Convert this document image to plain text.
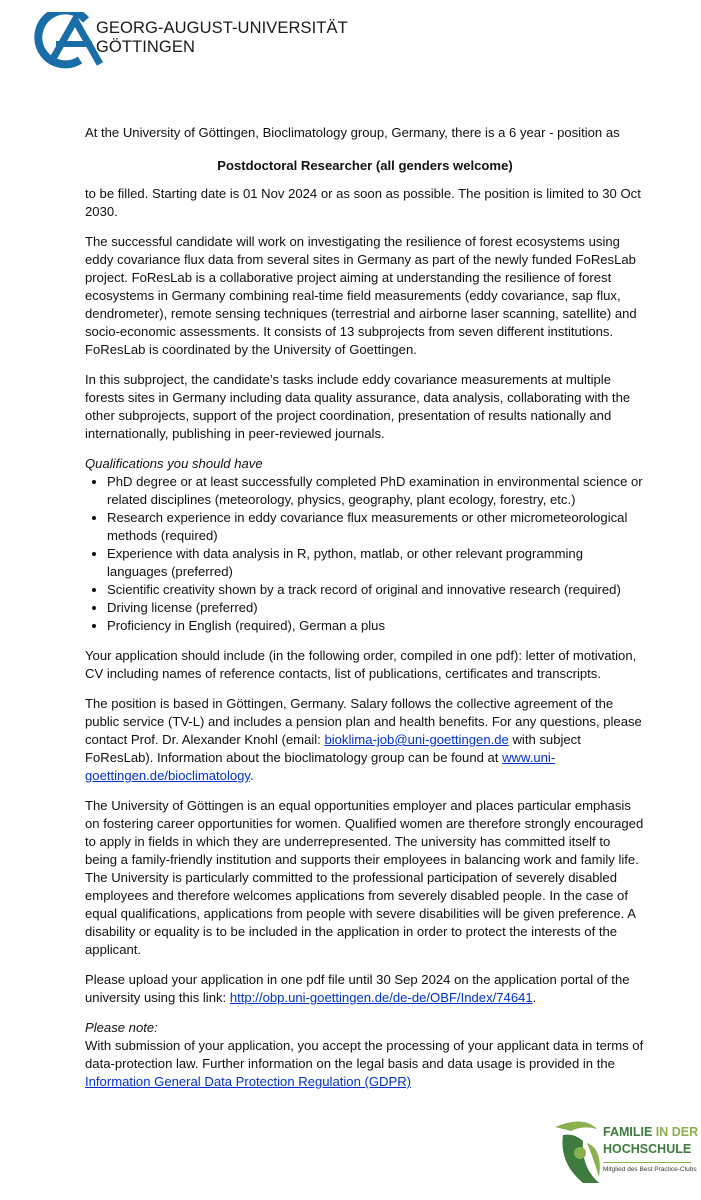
GEORG-AUGUST-UNIVERSITÄT
GÖTTINGEN

At the University of Göttingen, Bioclimatology group, Germany, there is a 6 year - position as

Postdoctoral Researcher (all genders welcome)

to be filled. Starting date is 01 Nov 2024 or as soon as possible. The position is limited to 30 Oct 2030.

The successful candidate will work on investigating the resilience of forest ecosystems using eddy covariance flux data from several sites in Germany as part of the newly funded FoResLab project. FoResLab is a collaborative project aiming at understanding the resilience of forest ecosystems in Germany combining real-time field measurements (eddy covariance, sap flux, dendrometer), remote sensing techniques (terrestrial and airborne laser scanning, satellite) and socio-economic assessments. It consists of 13 subprojects from seven different institutions. FoResLab is coordinated by the University of Goettingen.

In this subproject, the candidate’s tasks include eddy covariance measurements at multiple forests sites in Germany including data quality assurance, data analysis, collaborating with the other subprojects, support of the project coordination, presentation of results nationally and internationally, publishing in peer-reviewed journals.

Qualifications you should have

• PhD degree or at least successfully completed PhD examination in environmental science or related disciplines (meteorology, physics, geography, plant ecology, forestry, etc.)
• Research experience in eddy covariance flux measurements or other micrometeorological methods (required)
• Experience with data analysis in R, python, matlab, or other relevant programming languages (preferred)
• Scientific creativity shown by a track record of original and innovative research (required)
• Driving license (preferred)
• Proficiency in English (required), German a plus

Your application should include (in the following order, compiled in one pdf): letter of motivation, CV including names of reference contacts, list of publications, certificates and transcripts.

The position is based in Göttingen, Germany. Salary follows the collective agreement of the public service (TV-L) and includes a pension plan and health benefits. For any questions, please contact Prof. Dr. Alexander Knohl (email: bioklima-job@uni-goettingen.de with subject FoResLab). Information about the bioclimatology group can be found at www.uni-goettingen.de/bioclimatology.

The University of Göttingen is an equal opportunities employer and places particular emphasis on fostering career opportunities for women. Qualified women are therefore strongly encouraged to apply in fields in which they are underrepresented. The university has committed itself to being a family-friendly institution and supports their employees in balancing work and family life. The University is particularly committed to the professional participation of severely disabled employees and therefore welcomes applications from severely disabled people. In the case of equal qualifications, applications from people with severe disabilities will be given preference. A disability or equality is to be included in the application in order to protect the interests of the applicant.

Please upload your application in one pdf file until 30 Sep 2024 on the application portal of the university using this link: http://obp.uni-goettingen.de/de-de/OBF/Index/74641.

Please note:

With submission of your application, you accept the processing of your applicant data in terms of data-protection law. Further information on the legal basis and data usage is provided in the Information General Data Protection Regulation (GDPR)

FAMILIE IN DER
HOCHSCHULE
Mitglied des Best Practice-Clubs
